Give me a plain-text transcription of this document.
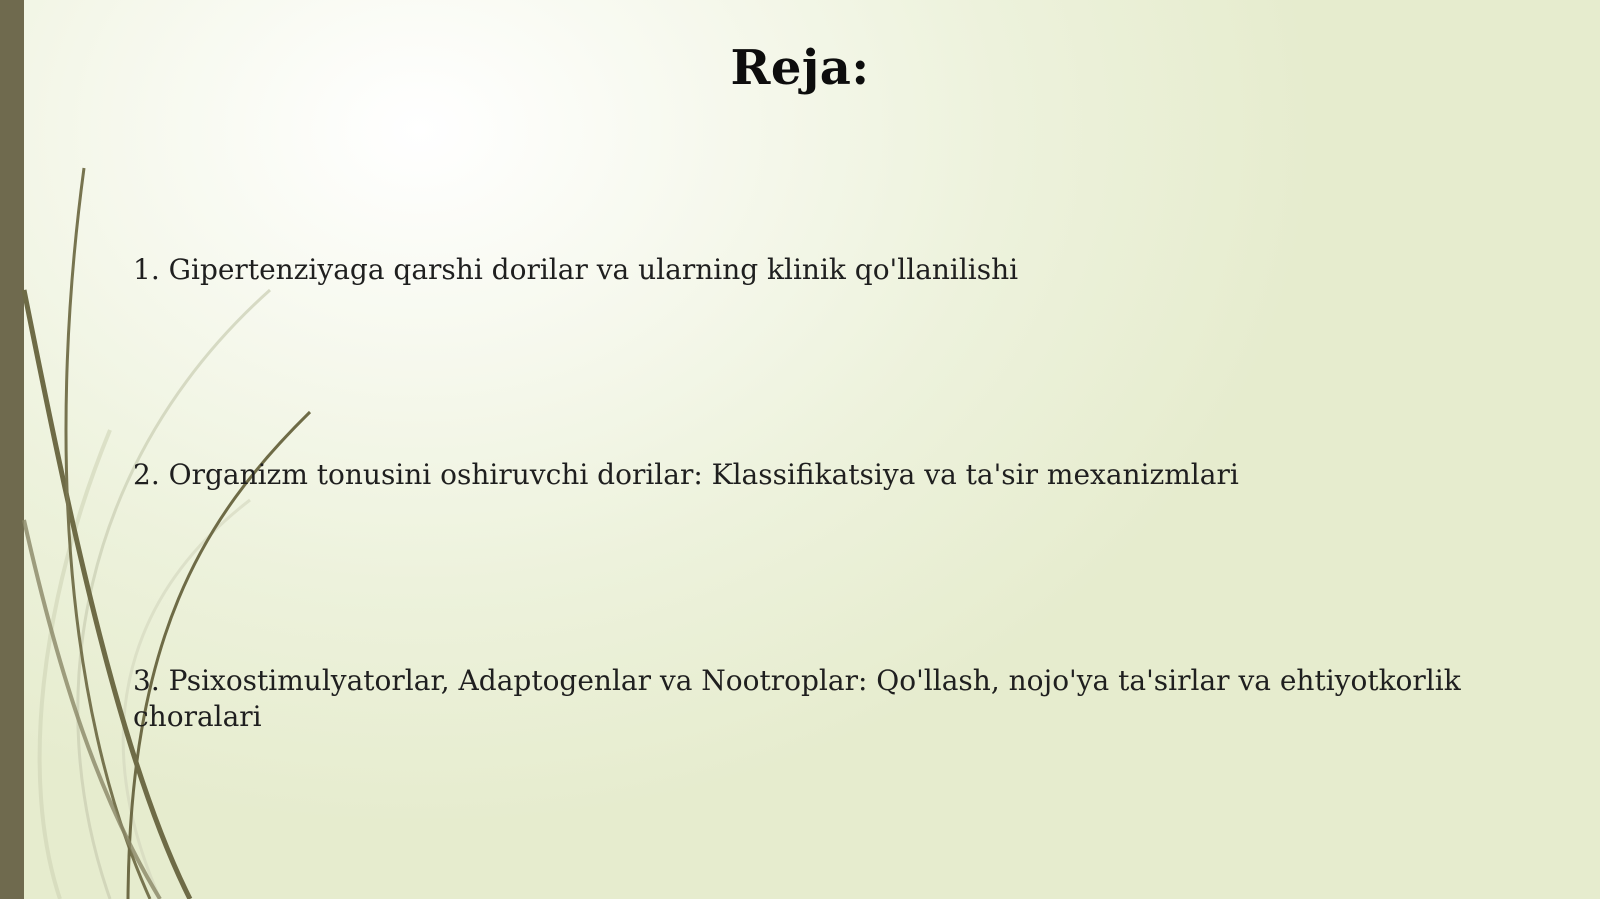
Reja:
1. Gipertenziyaga qarshi dorilar va ularning klinik qo'llanilishi
2. Organizm tonusini oshiruvchi dorilar: Klassifikatsiya va ta'sir mexanizmlari
3. Psixostimulyatorlar, Adaptogenlar va Nootroplar: Qo'llash, nojo'ya ta'sirlar va ehtiyotkorlik choralari
